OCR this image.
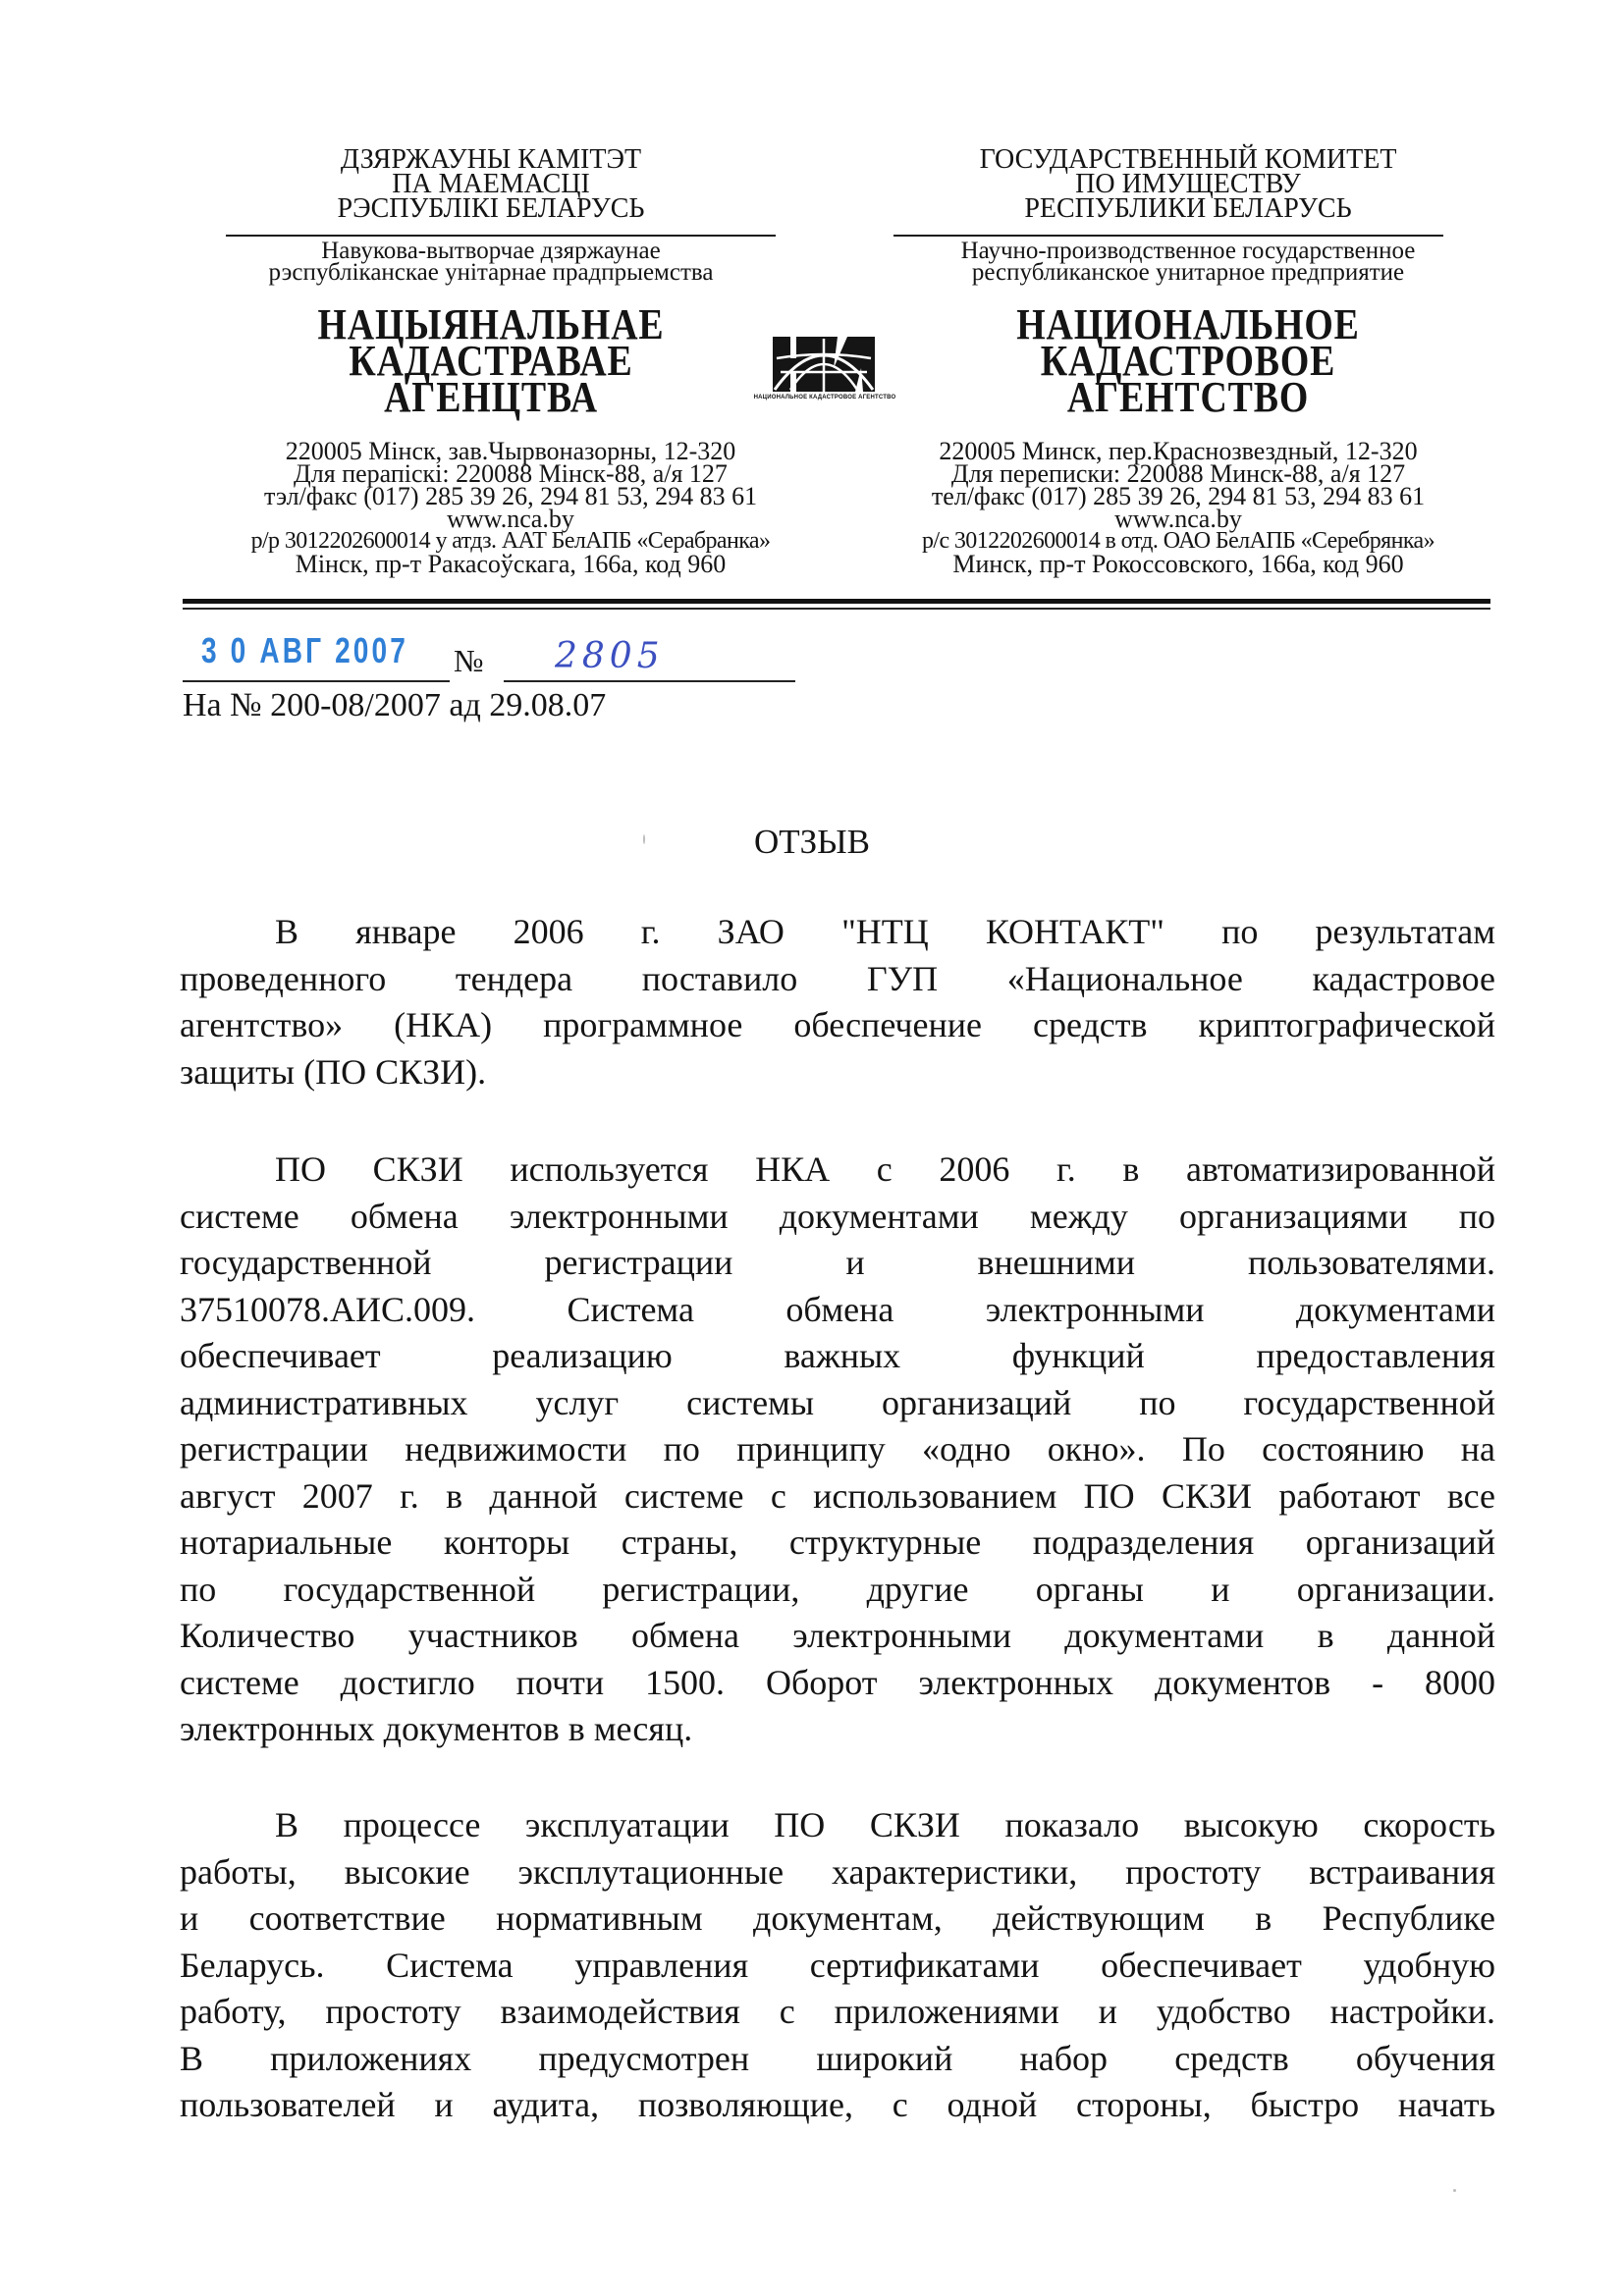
ДЗЯРЖАУНЫ КАМІТЭТ
ПА МАЕМАСЦІ
РЭСПУБЛІКІ БЕЛАРУСЬ
Навукова-вытворчае дзяржаунае
рэспубліканскае унітарнае прадпрыемства
ГОСУДАРСТВЕННЫЙ КОМИТЕТ
ПО ИМУЩЕСТВУ
РЕСПУБЛИКИ БЕЛАРУСЬ
Научно-производственное государственное
республиканское унитарное предприятие
НАЦЫЯНАЛЬНАЕ
КАДАСТРАВАЕ
АГЕНЦТВА
НАЦИОНАЛЬНОЕ
КАДАСТРОВОЕ
АГЕНТСТВО
НАЦИОНАЛЬНОЕ КАДАСТРОВОЕ АГЕНТСТВО
220005 Мінск, зав.Чырвоназорны, 12-320
Для перапіскі: 220088 Мінск-88, а/я 127
тэл/факс (017) 285 39 26, 294 81 53, 294 83 61
www.nca.by
р/р 3012202600014 у атдз. ААТ БелАПБ «Серабранка»
Мінск, пр-т Ракасоўскага, 166а, код 960
220005 Минск, пер.Краснозвездный, 12-320
Для переписки: 220088 Минск-88, а/я 127
тел/факс (017) 285 39 26, 294 81 53, 294 83 61
www.nca.by
р/с 3012202600014 в отд. ОАО БелАПБ «Серебрянка»
Минск, пр-т Рокоссовского, 166а, код 960
3 0 АВГ 2007 № 2805
На № 200-08/2007 ад 29.08.07
ОТЗЫВ
В январе 2006 г. ЗАО "НТЦ КОНТАКТ" по результатам
проведенного тендера поставило ГУП «Национальное кадастровое
агентство» (НКА) программное обеспечение средств криптографической
защиты (ПО СКЗИ).
ПО СКЗИ используется НКА с 2006 г. в автоматизированной
системе обмена электронными документами между организациями по
государственной регистрации и внешними пользователями.
37510078.АИС.009. Система обмена электронными документами
обеспечивает реализацию важных функций предоставления
административных услуг системы организаций по государственной
регистрации недвижимости по принципу «одно окно». По состоянию на
август 2007 г. в данной системе с использованием ПО СКЗИ работают все
нотариальные конторы страны, структурные подразделения организаций
по государственной регистрации, другие органы и организации.
Количество участников обмена электронными документами в данной
системе достигло почти 1500. Оборот электронных документов - 8000
электронных документов в месяц.
В процессе эксплуатации ПО СКЗИ показало высокую скорость
работы, высокие эксплутационные характеристики, простоту встраивания
и соответствие нормативным документам, действующим в Республике
Беларусь. Система управления сертификатами обеспечивает удобную
работу, простоту взаимодействия с приложениями и удобство настройки.
В приложениях предусмотрен широкий набор средств обучения
пользователей и аудита, позволяющие, с одной стороны, быстро начать
